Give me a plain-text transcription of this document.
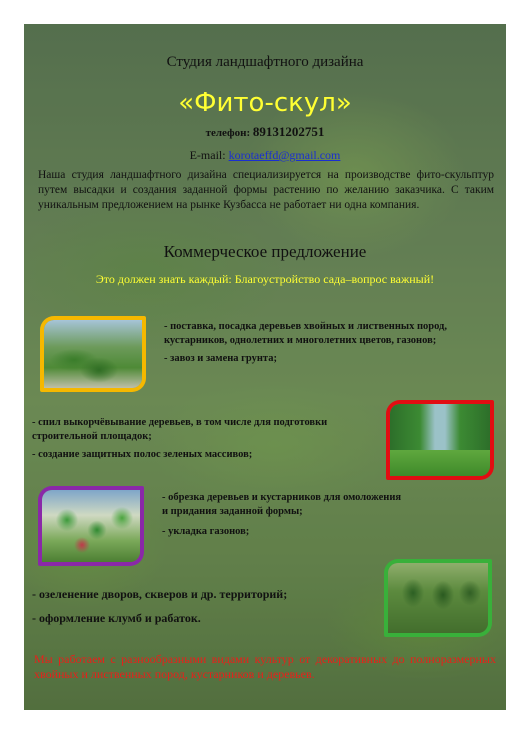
Студия ландшафтного дизайна
«Фито-скул»
телефон: 89131202751
E-mail: korotaeffd@gmail.com
Наша студия ландшафтного дизайна специализируется на производстве фито-скульптур путем высадки и создания заданной формы растению по желанию заказчика. С таким уникальным предложением на рынке Кузбасса не работает ни одна компания.
Коммерческое предложение
Это должен знать каждый: Благоустройство сада–вопрос важный!
- поставка, посадка деревьев хвойных и лиственных пород, кустарников, однолетних и многолетних цветов, газонов;
- завоз и замена грунта;
- спил выкорчёвывание деревьев, в том числе для подготовки строительной площадок;
- создание защитных полос зеленых массивов;
- обрезка деревьев и кустарников для омоложения и придания заданной формы;
- укладка газонов;
- озеленение дворов, скверов и др. территорий;
- оформление клумб и рабаток.
Мы работаем с разнообразными видами культур от декоративных до полноразмерных хвойных и лиственных пород, кустарников и деревьев.
